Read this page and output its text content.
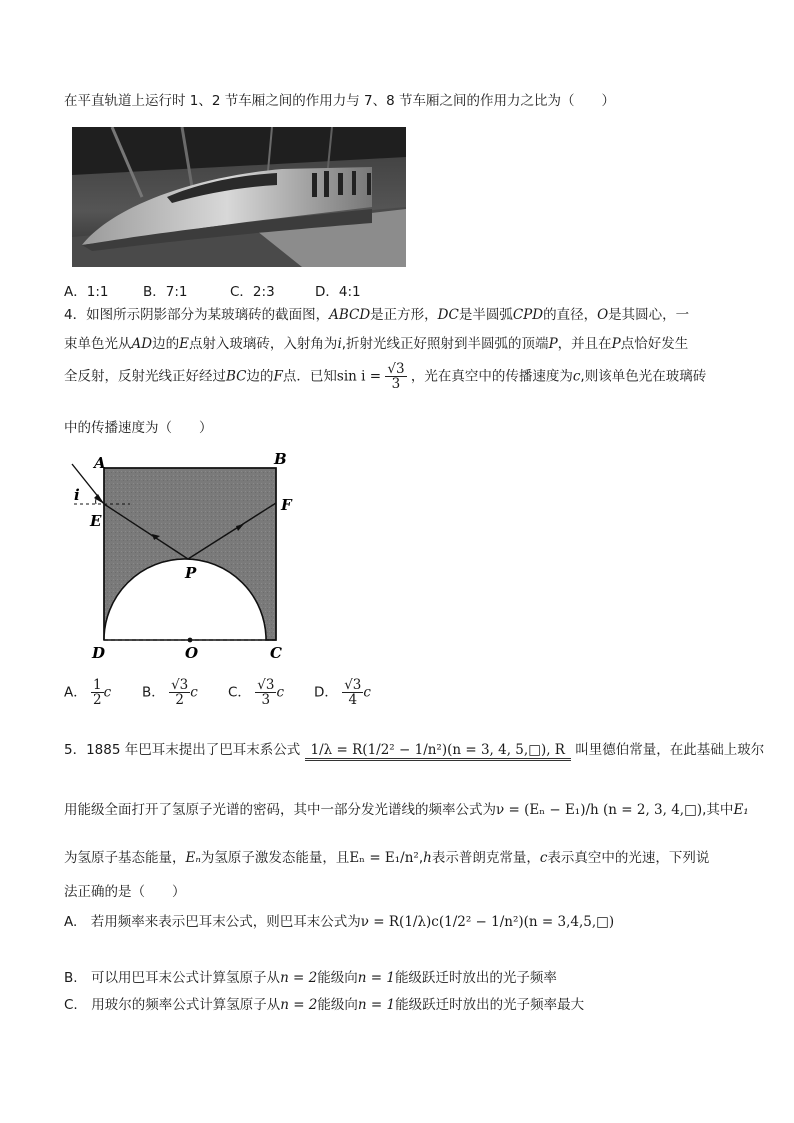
在平直轨道上运行时 1、2 节车厢之间的作用力与 7、8 节车厢之间的作用力之比为（　　）
A．1:1	B．7:1	C．2:3	D．4:1
4．如图所示阴影部分为某玻璃砖的截面图，ABCD是正方形，DC是半圆弧CPD的直径，O是其圆心，一
束单色光从AD边的E点射入玻璃砖，入射角为i,折射光线正好照射到半圆弧的顶端P，并且在P点恰好发生
全反射，反射光线正好经过BC边的F点．已知$\sin i = \frac{√3}{3}$ ，光在真空中的传播速度为c,则该单色光在玻璃砖
中的传播速度为（　　）
A	B
C
D
E
F
P
O
i
A． $\frac{1}{2}$ c B． $\frac{√3}{2}$ c C． $\frac{√3}{3}$ c D． $\frac{√3}{4}$ c
5．1885 年巴耳末提出了巴耳末系公式 1/λ = R(1/2² − 1/n²)(n = 3, 4, 5,□), R 叫里德伯常量，在此基础上玻尔
用能级全面打开了氢原子光谱的密码，其中一部分发光谱线的频率公式为ν = (Eₙ − E₁)/h (n = 2, 3, 4,□),其中E₁
为氢原子基态能量，Eₙ为氢原子激发态能量，且Eₙ = E₁/n²,h表示普朗克常量，c表示真空中的光速，下列说
法正确的是（　　）
A.　若用频率来表示巴耳末公式，则巴耳末公式为ν = R(1/λ)c(1/2² − 1/n²)(n = 3,4,5,□)
B.　可以用巴耳末公式计算氢原子从n = 2能级向n = 1能级跃迁时放出的光子频率
C.　用玻尔的频率公式计算氢原子从n = 2能级向n = 1能级跃迁时放出的光子频率最大
